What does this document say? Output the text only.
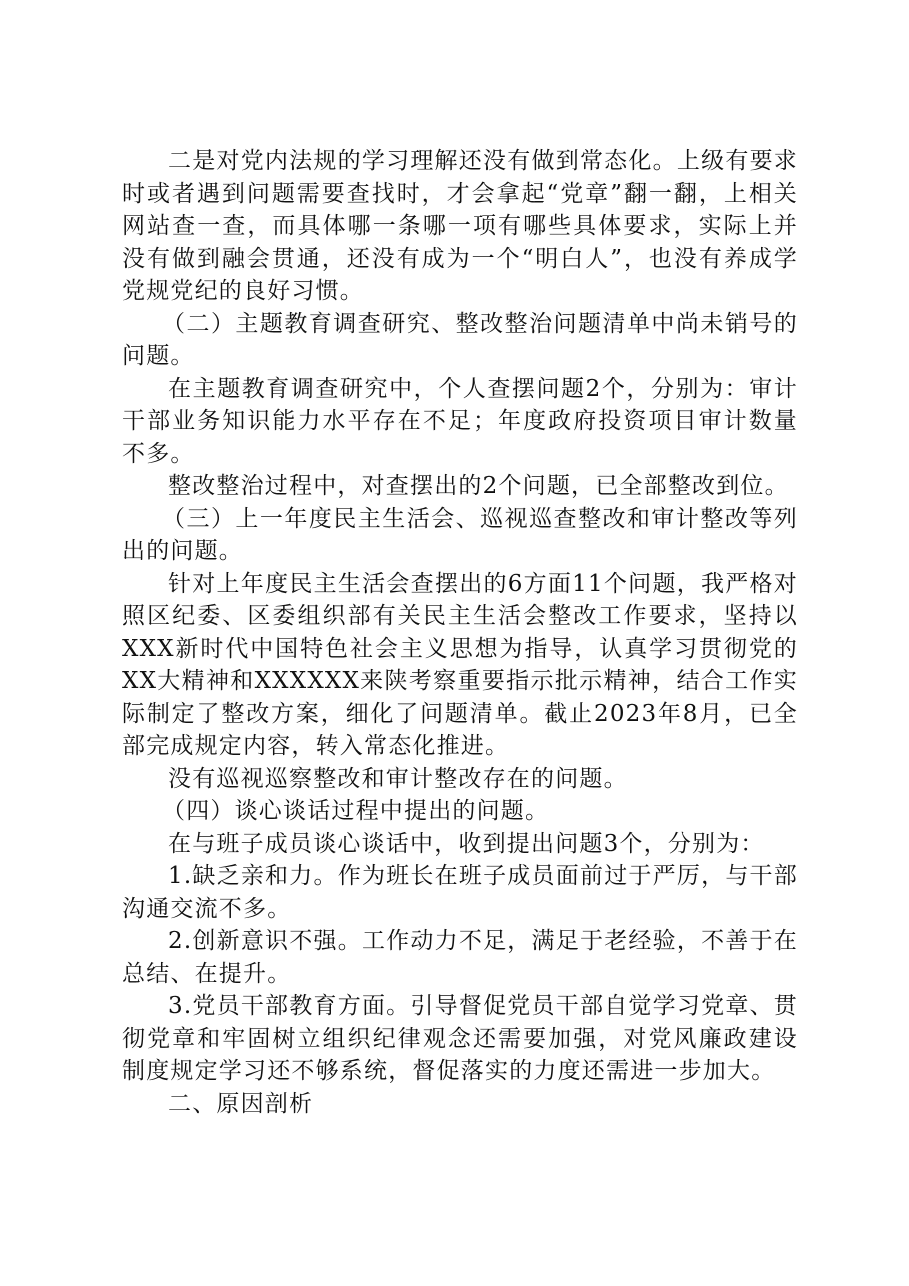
二是对党内法规的学习理解还没有做到常态化。上级有要求时或者遇到问题需要查找时，才会拿起“党章”翻一翻，上相关网站查一查，而具体哪一条哪一项有哪些具体要求，实际上并没有做到融会贯通，还没有成为一个“明白人”，也没有养成学党规党纪的良好习惯。

（二）主题教育调查研究、整改整治问题清单中尚未销号的问题。

在主题教育调查研究中，个人查摆问题2个，分别为：审计干部业务知识能力水平存在不足；年度政府投资项目审计数量不多。

整改整治过程中，对查摆出的2个问题，已全部整改到位。

（三）上一年度民主生活会、巡视巡查整改和审计整改等列出的问题。

针对上年度民主生活会查摆出的6方面11个问题，我严格对照区纪委、区委组织部有关民主生活会整改工作要求，坚持以XXX新时代中国特色社会主义思想为指导，认真学习贯彻党的XX大精神和XXXXXX来陕考察重要指示批示精神，结合工作实际制定了整改方案，细化了问题清单。截止2023年8月，已全部完成规定内容，转入常态化推进。

没有巡视巡察整改和审计整改存在的问题。

（四）谈心谈话过程中提出的问题。

在与班子成员谈心谈话中，收到提出问题3个，分别为：

1.缺乏亲和力。作为班长在班子成员面前过于严厉，与干部沟通交流不多。

2.创新意识不强。工作动力不足，满足于老经验，不善于在总结、在提升。

3.党员干部教育方面。引导督促党员干部自觉学习党章、贯彻党章和牢固树立组织纪律观念还需要加强，对党风廉政建设制度规定学习还不够系统，督促落实的力度还需进一步加大。

二、原因剖析
